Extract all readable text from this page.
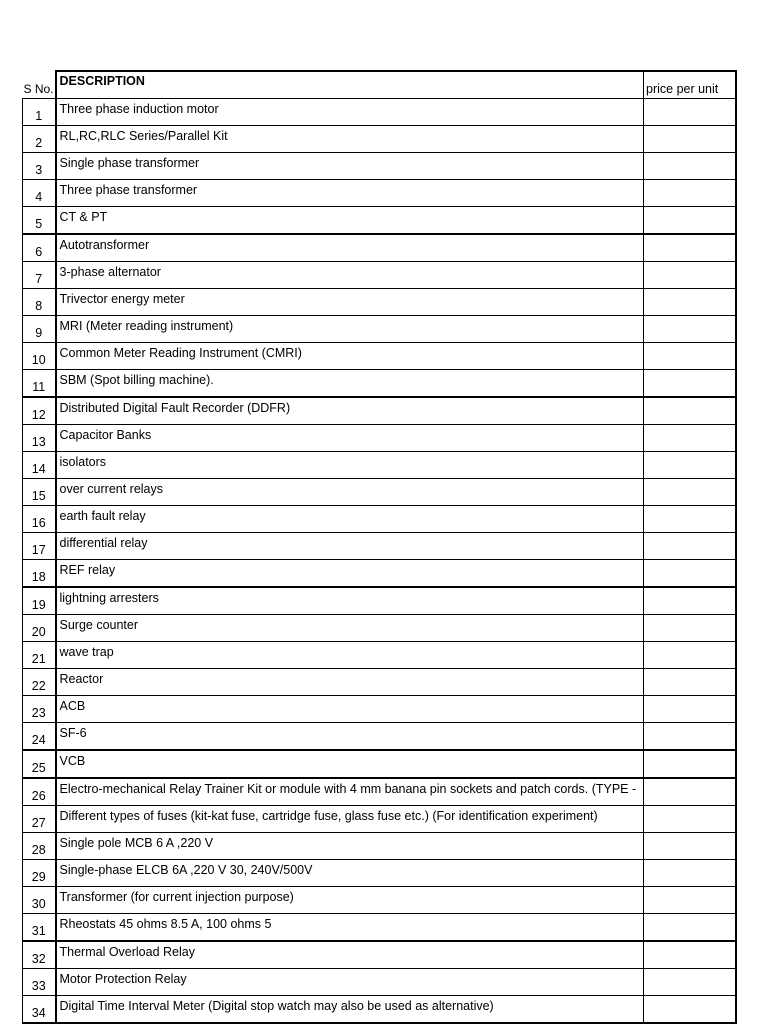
S No.	DESCRIPTION	price per unit
1	Three phase induction motor	
2	RL,RC,RLC Series/Parallel Kit	
3	Single phase transformer	
4	Three phase transformer	
5	CT & PT	
6	Autotransformer	
7	3-phase alternator	
8	Trivector energy meter	
9	MRI (Meter reading instrument)	
10	Common Meter Reading Instrument (CMRI)	
11	SBM (Spot billing machine).	
12	Distributed Digital Fault Recorder (DDFR)	
13	Capacitor Banks	
14	isolators	
15	over current relays	
16	earth fault relay	
17	differential relay	
18	REF relay	
19	lightning arresters	
20	Surge counter	
21	wave trap	
22	Reactor	
23	ACB	
24	SF-6	
25	VCB	
26	Electro-mechanical Relay Trainer Kit or module with 4 mm banana pin sockets and patch cords. (TYPE -	
27	Different types of fuses (kit-kat fuse, cartridge fuse, glass fuse etc.) (For identification experiment)	
28	Single pole MCB 6 A ,220 V	
29	Single-phase ELCB 6A ,220 V 30, 240V/500V	
30	Transformer (for current injection purpose)	
31	Rheostats 45 ohms 8.5 A, 100 ohms 5	
32	Thermal Overload Relay	
33	Motor Protection Relay	
34	Digital Time Interval Meter (Digital stop watch may also be used as alternative)	
